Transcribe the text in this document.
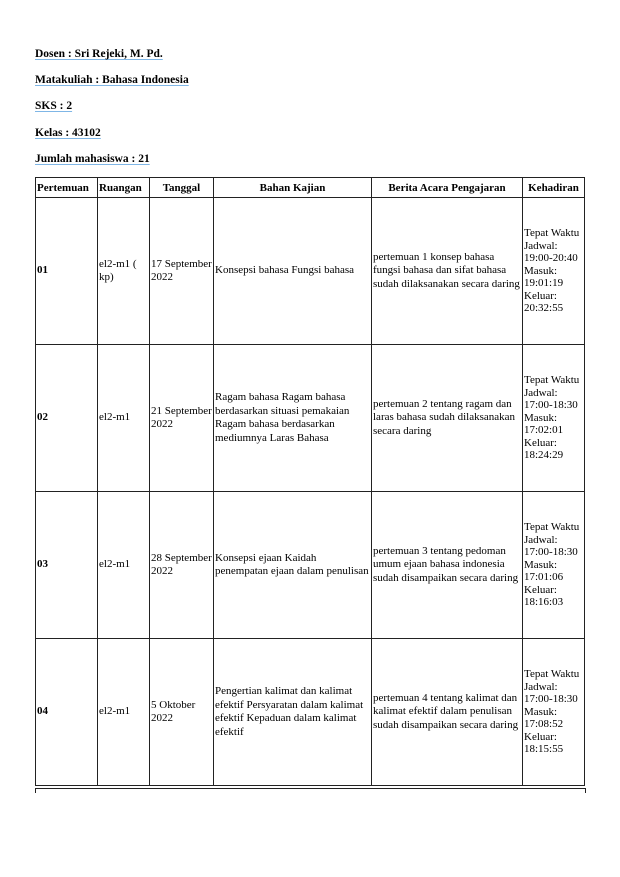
Dosen : Sri Rejeki, M. Pd.
Matakuliah : Bahasa Indonesia
SKS : 2
Kelas : 43102
Jumlah mahasiswa : 21
Pertemuan	Ruangan	Tanggal	Bahan Kajian	Berita Acara Pengajaran	Kehadiran
01	el2-m1 ( kp)	17 September 2022	Konsepsi bahasa Fungsi bahasa	pertemuan 1 konsep bahasa fungsi bahasa dan sifat bahasa sudah dilaksanakan secara daring	Tepat Waktu
Jadwal: 19:00-20:40
Masuk: 19:01:19
Keluar: 20:32:55

02	el2-m1	21 September 2022	Ragam bahasa Ragam bahasa berdasarkan situasi pemakaian Ragam bahasa berdasarkan mediumnya Laras Bahasa	pertemuan 2 tentang ragam dan laras bahasa sudah dilaksanakan secara daring	Tepat Waktu
Jadwal: 17:00-18:30
Masuk: 17:02:01
Keluar: 18:24:29

03	el2-m1	28 September 2022	Konsepsi ejaan Kaidah penempatan ejaan dalam penulisan	pertemuan 3 tentang pedoman umum ejaan bahasa indonesia sudah disampaikan secara daring	Tepat Waktu
Jadwal: 17:00-18:30
Masuk: 17:01:06
Keluar: 18:16:03

04	el2-m1	5 Oktober 2022	Pengertian kalimat dan kalimat efektif Persyaratan dalam kalimat efektif Kepaduan dalam kalimat efektif	pertemuan 4 tentang kalimat dan kalimat efektif dalam penulisan sudah disampaikan secara daring	Tepat Waktu
Jadwal: 17:00-18:30
Masuk: 17:08:52
Keluar: 18:15:55
